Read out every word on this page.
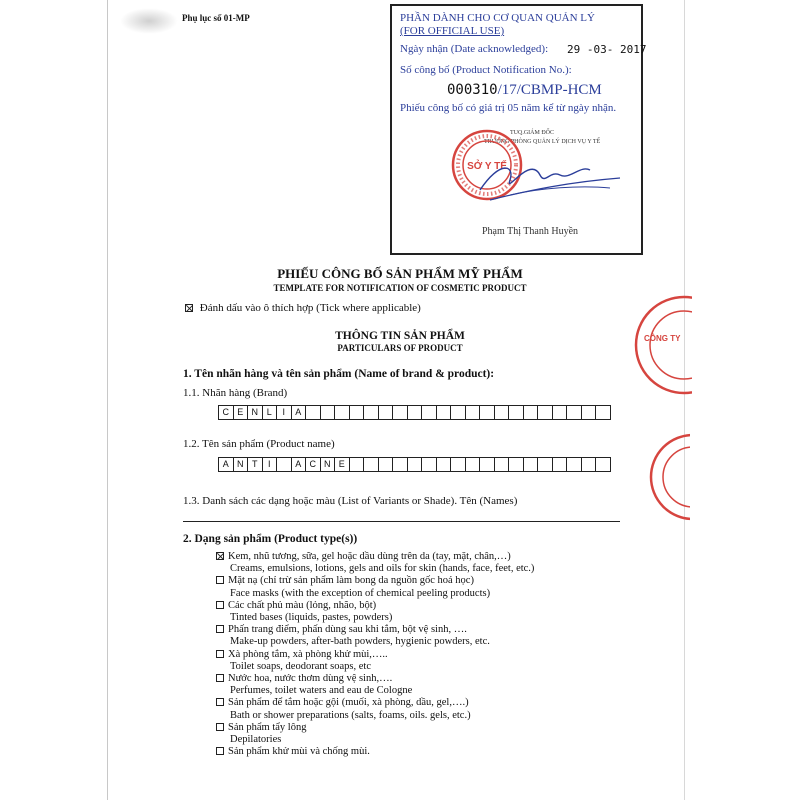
Phụ lục số 01-MP	PHẦN DÀNH CHO CƠ QUAN QUẢN LÝ
(FOR OFFICIAL USE)
Ngày nhận (Date acknowledged): 29 -03- 2017
Số công bố (Product Notification No.):
000310/17/CBMP-HCM
Phiếu công bố có giá trị 05 năm kể từ ngày nhận.
TUQ.GIÁM ĐỐC
TRƯỞNG PHÒNG QUẢN LÝ DỊCH VỤ Y TẾ
Phạm Thị Thanh Huyền
SỞ Y TẾ
CÔNG TY
PHIẾU CÔNG BỐ SẢN PHẨM MỸ PHẨM
TEMPLATE FOR NOTIFICATION OF COSMETIC PRODUCT
Đánh dấu vào ô thích hợp (Tick where applicable)
THÔNG TIN SẢN PHẨM
PARTICULARS OF PRODUCT
1. Tên nhãn hàng và tên sản phẩm (Name of brand & product):
1.1. Nhãn hàng (Brand)
C E N L	I	A
1.2. Tên sản phẩm (Product name)
A N T	I	A C N E
1.3. Danh sách các dạng hoặc màu (List of Variants or Shade). Tên (Names)
2. Dạng sản phẩm (Product type(s))
Kem, nhũ tương, sữa, gel hoặc dầu dùng trên da (tay, mặt, chân,…)
Creams, emulsions, lotions, gels and oils for skin (hands, face, feet, etc.)
Mặt nạ (chỉ trừ sản phẩm làm bong da nguồn gốc hoá học)
Face masks (with the exception of chemical peeling products)
Các chất phủ màu (lỏng, nhão, bột)
Tinted bases (liquids, pastes, powders)
Phấn trang điểm, phấn dùng sau khi tắm, bột vệ sinh, ….
Make-up powders, after-bath powders, hygienic powders, etc.
Xà phòng tắm, xà phòng khử mùi,…..
Toilet soaps, deodorant soaps, etc
Nước hoa, nước thơm dùng vệ sinh,….
Perfumes, toilet waters and eau de Cologne
Sản phẩm để tắm hoặc gội (muối, xà phòng, dầu, gel,….)
Bath or shower preparations (salts, foams, oils. gels, etc.)
Sản phẩm tẩy lông
Depilatories
Sản phẩm khử mùi và chống mùi.
